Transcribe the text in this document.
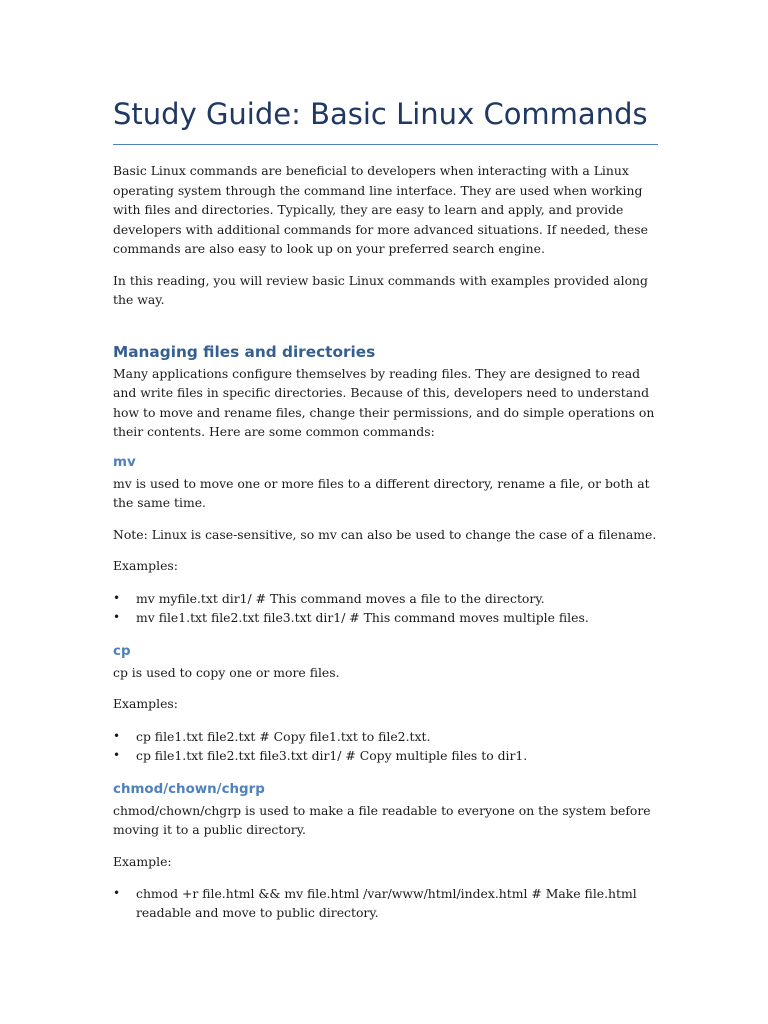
Study Guide: Basic Linux Commands

Basic Linux commands are beneficial to developers when interacting with a Linux operating system through the command line interface. They are used when working with files and directories. Typically, they are easy to learn and apply, and provide developers with additional commands for more advanced situations. If needed, these commands are also easy to look up on your preferred search engine.

In this reading, you will review basic Linux commands with examples provided along the way.

Managing files and directories

Many applications configure themselves by reading files. They are designed to read and write files in specific directories. Because of this, developers need to understand how to move and rename files, change their permissions, and do simple operations on their contents. Here are some common commands:

mv

mv is used to move one or more files to a different directory, rename a file, or both at the same time.

Note: Linux is case-sensitive, so mv can also be used to change the case of a filename.

Examples:

•	mv myfile.txt dir1/ # This command moves a file to the directory.
•	mv file1.txt file2.txt file3.txt dir1/ # This command moves multiple files.
cp

cp is used to copy one or more files.

Examples:

•	cp file1.txt file2.txt # Copy file1.txt to file2.txt.
•	cp file1.txt file2.txt file3.txt dir1/ # Copy multiple files to dir1.
chmod/chown/chgrp

chmod/chown/chgrp is used to make a file readable to everyone on the system before moving it to a public directory.

Example:

•	chmod +r file.html && mv file.html /var/www/html/index.html # Make file.html readable and move to public directory.
